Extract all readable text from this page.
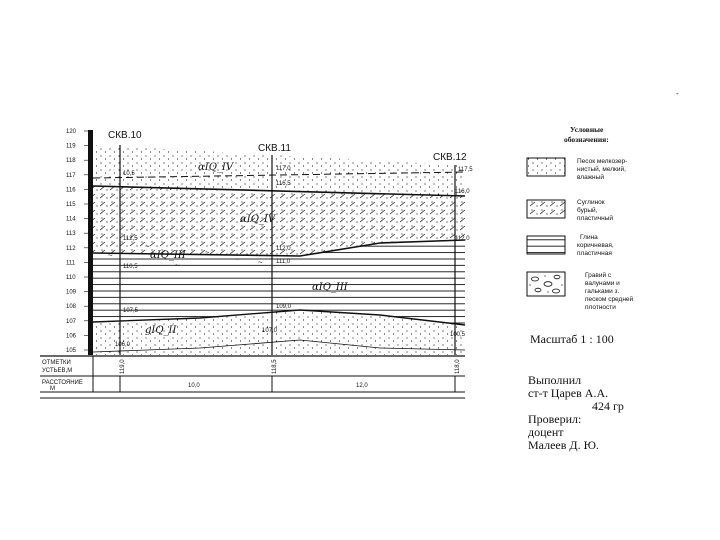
-
~
~
~
~
~ ~
120
119
118
117
116
115
114
113
112
111
110
109
108
107
106
105
СКВ.10
10,5
112,5
110,5
107,5
106,0
СКВ.11
117,0
116,5
112,0
111,0
109,0
107,0
СКВ.12
117,5
116,0
112,0
100,5
αIQ_IV
αIQ_IV
αIQ_III
αIQ_III
gIQ_II
ОТМЕТКИ
УСТЬЕВ,М
РАССТОЯНИЕ
М
119,0	118,5	118,0
10,0	12,0
Условные
обозначения:
Песок мелкозер-
нистый, мелкий,
влажный
Суглинок
бурый,
пластичный
Глина
коричневая,
пластичная
Гравий с
валунами и
гальками з.
песком средней
плотности
Масштаб 1 : 100
Выполнил
ст-т Царев А.А.
424 гр
Проверил:
доцент
Малеев Д. Ю.
